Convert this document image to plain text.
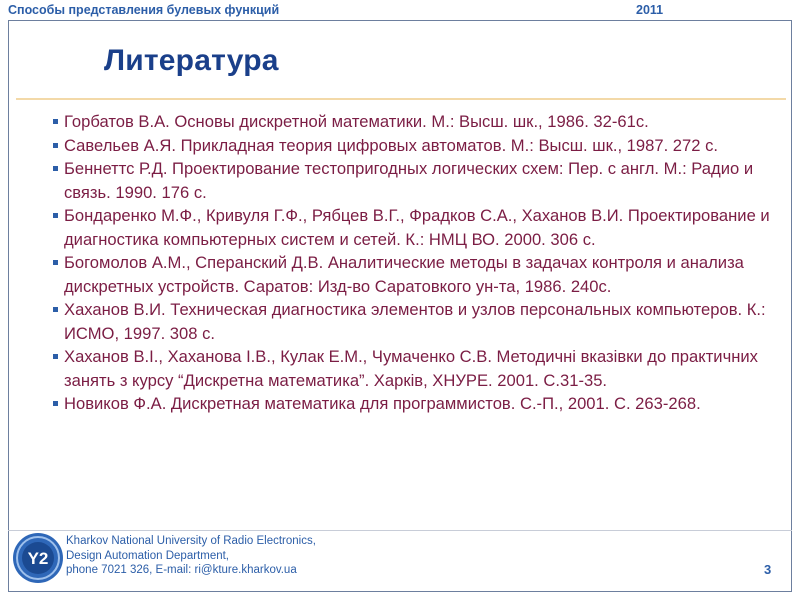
Способы представления булевых функций	2011
Литература
Горбатов В.А. Основы дискретной математики. М.: Высш. шк., 1986. 32-61с.
Савельев А.Я. Прикладная теория цифровых автоматов. М.: Высш. шк., 1987. 272 с.
Беннеттс Р.Д. Проектирование тестопригодных логических схем: Пер. с англ. М.: Радио и связь. 1990. 176 с.
Бондаренко М.Ф., Кривуля Г.Ф., Рябцев В.Г., Фрадков С.А., Хаханов В.И. Проектирование и диагностика компьютерных систем и сетей. К.: НМЦ ВО. 2000. 306 с.
Богомолов А.М., Сперанский Д.В. Аналитические методы в задачах контроля и анализа дискретных устройств. Саратов: Изд-во Саратовкого ун-та, 1986. 240с.
Хаханов В.И. Техническая диагностика элементов и узлов персональных компьютеров. К.: ИСМО, 1997. 308 с.
Хаханов В.І., Хаханова І.В., Кулак Е.М., Чумаченко С.В. Методичні вказівки до практичних занять з курсу “Дискретна математика”. Харків, ХНУРЕ. 2001. С.31-35.
Новиков Ф.А. Дискретная математика для программистов. С.-П., 2001. С. 263-268.
Y2
Kharkov National University of Radio Electronics,
Design Automation Department,
phone 7021 326, E-mail: ri@kture.kharkov.ua	3
